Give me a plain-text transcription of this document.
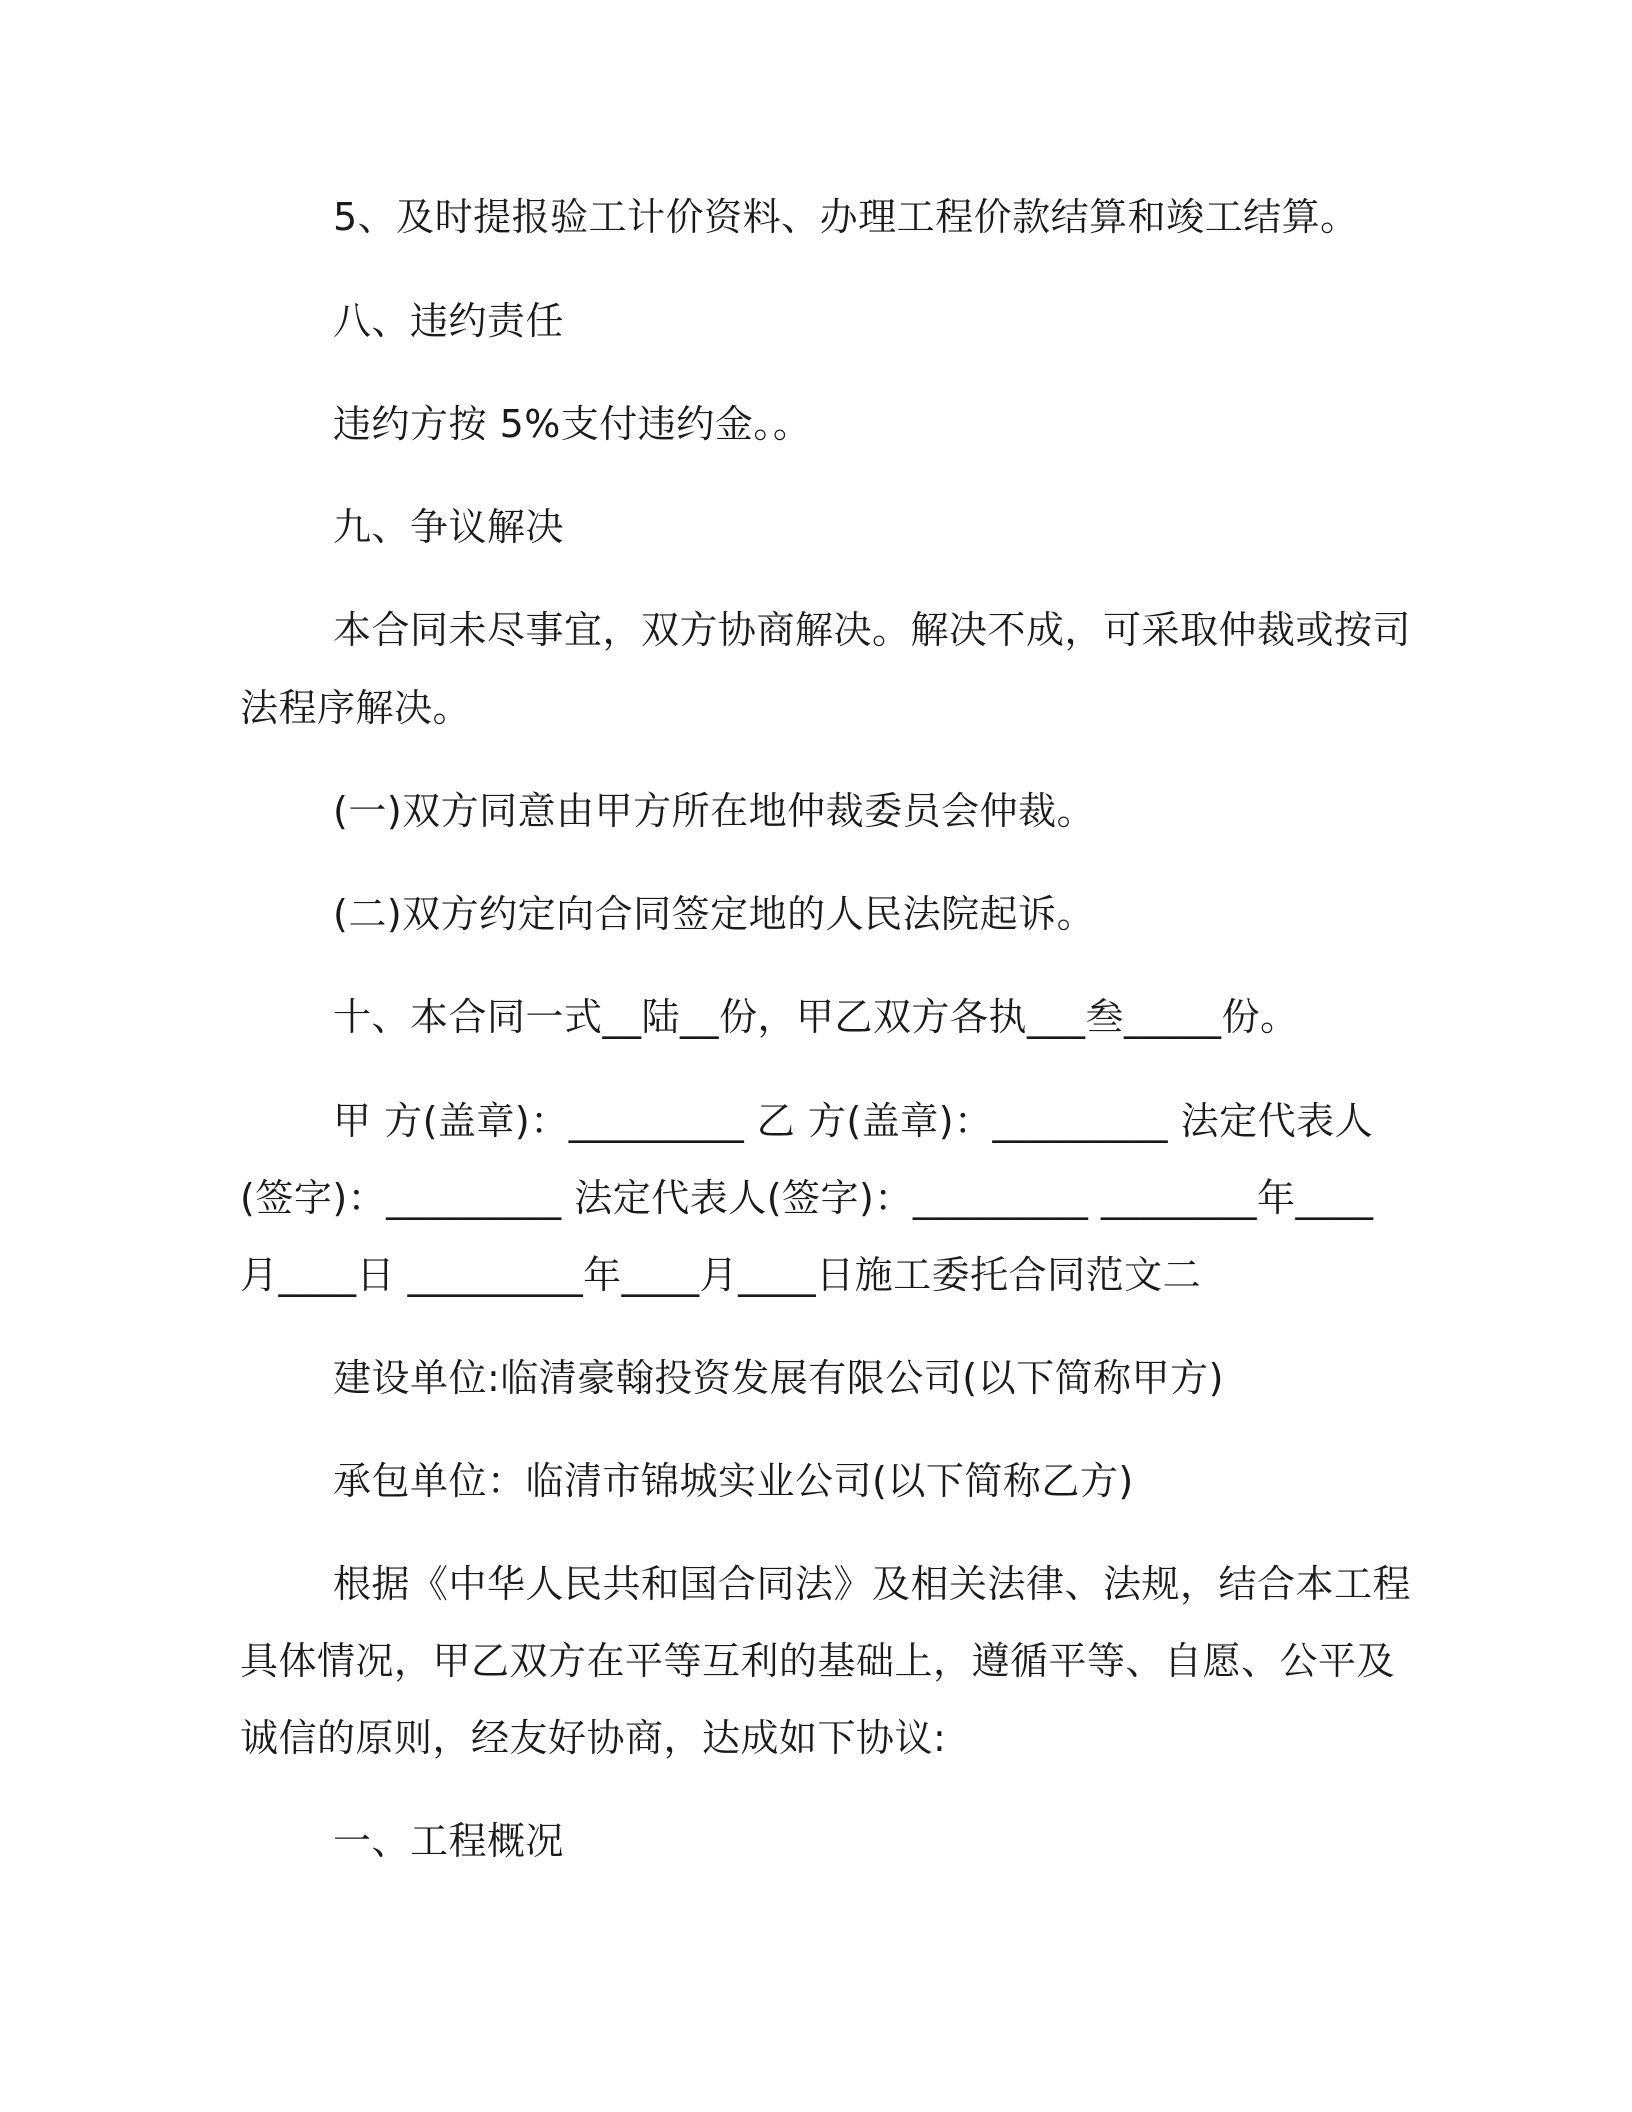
5、及时提报验工计价资料、办理工程价款结算和竣工结算。
八、违约责任
违约方按 5%支付违约金。。
九、争议解决
本合同未尽事宜，双方协商解决。解决不成，可采取仲裁或按司
法程序解决。
(一)双方同意由甲方所在地仲裁委员会仲裁。
(二)双方约定向合同签定地的人民法院起诉。
十、本合同一式__陆__份，甲乙双方各执___叁_____份。
甲 方(盖章)：_________ 乙 方(盖章)：_________ 法定代表人
(签字)：_________ 法定代表人(签字)：_________ ________年____
月____日 _________年____月____日施工委托合同范文二
建设单位:临清豪翰投资发展有限公司(以下简称甲方)
承包单位：临清市锦城实业公司(以下简称乙方)
根据《中华人民共和国合同法》及相关法律、法规，结合本工程
具体情况，甲乙双方在平等互利的基础上，遵循平等、自愿、公平及
诚信的原则，经友好协商，达成如下协议:
一、工程概况
